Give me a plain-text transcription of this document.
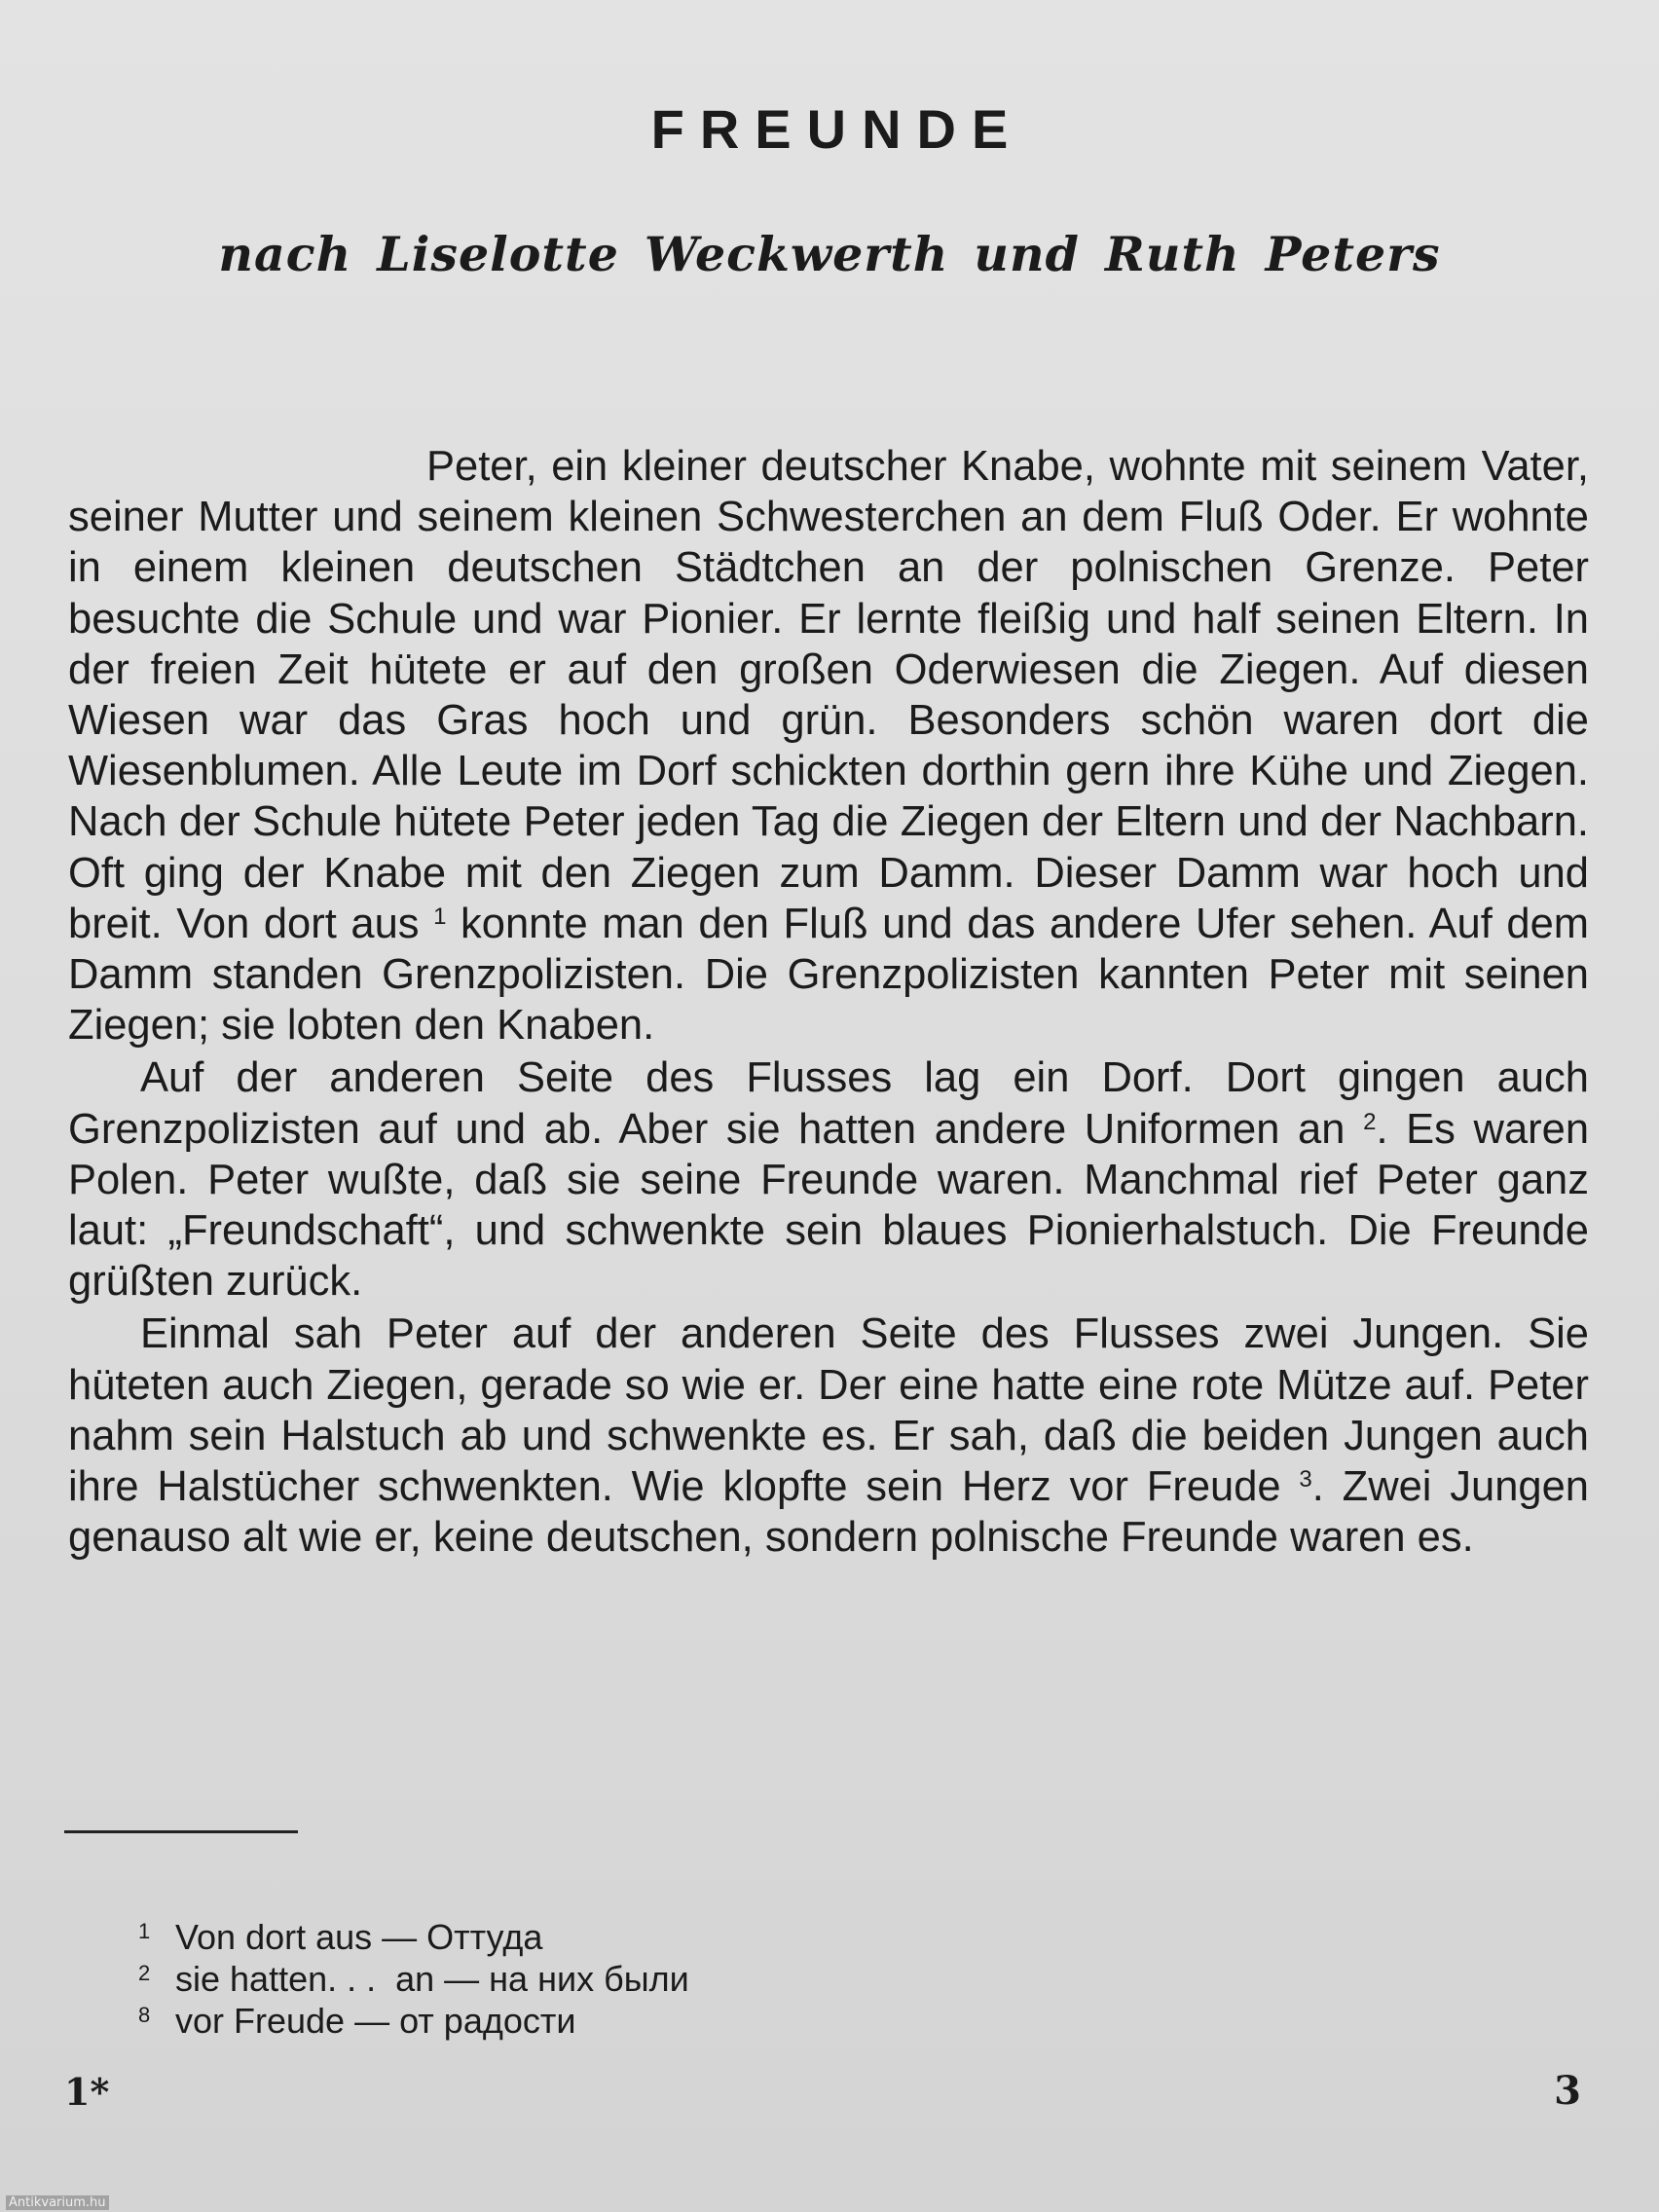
FREUNDE
nach Liselotte Weckwerth und Ruth Peters

Peter, ein kleiner deutscher Knabe, wohnte mit seinem Vater, seiner Mutter und seinem kleinen Schwesterchen an dem Fluß Oder. Er wohnte in einem kleinen deutschen Städtchen an der polnischen Grenze. Peter besuchte die Schule und war Pionier. Er lernte fleißig und half seinen Eltern. In der freien Zeit hütete er auf den großen Oderwiesen die Ziegen. Auf diesen Wiesen war das Gras hoch und grün. Besonders schön waren dort die Wiesenblumen. Alle Leute im Dorf schickten dorthin gern ihre Kühe und Ziegen. Nach der Schule hütete Peter jeden Tag die Ziegen der Eltern und der Nachbarn. Oft ging der Knabe mit den Ziegen zum Damm. Dieser Damm war hoch und breit. Von dort aus $^1$ konnte man den Fluß und das andere Ufer sehen. Auf dem Damm standen Grenzpolizisten. Die Grenzpolizisten kannten Peter mit seinen Ziegen; sie lobten den Knaben.

Auf der anderen Seite des Flusses lag ein Dorf. Dort gingen auch Grenzpolizisten auf und ab. Aber sie hatten andere Uniformen an $^2$. Es waren Polen. Peter wußte, daß sie seine Freunde waren. Manchmal rief Peter ganz laut: „Freundschaft“, und schwenkte sein blaues Pionierhalstuch. Die Freunde grüßten zurück.

Einmal sah Peter auf der anderen Seite des Flusses zwei Jungen. Sie hüteten auch Ziegen, gerade so wie er. Der eine hatte eine rote Mütze auf. Peter nahm sein Halstuch ab und schwenkte es. Er sah, daß die beiden Jungen auch ihre Halstücher schwenkten. Wie klopfte sein Herz vor Freude $^3$. Zwei Jungen genauso alt wie er, keine deutschen, sondern polnische Freunde waren es.

1 Von dort aus — Оттуда
2 sie hatten. . .  an — на них были
8 vor Freude — от радости
1*	3
Antikvarium.hu
